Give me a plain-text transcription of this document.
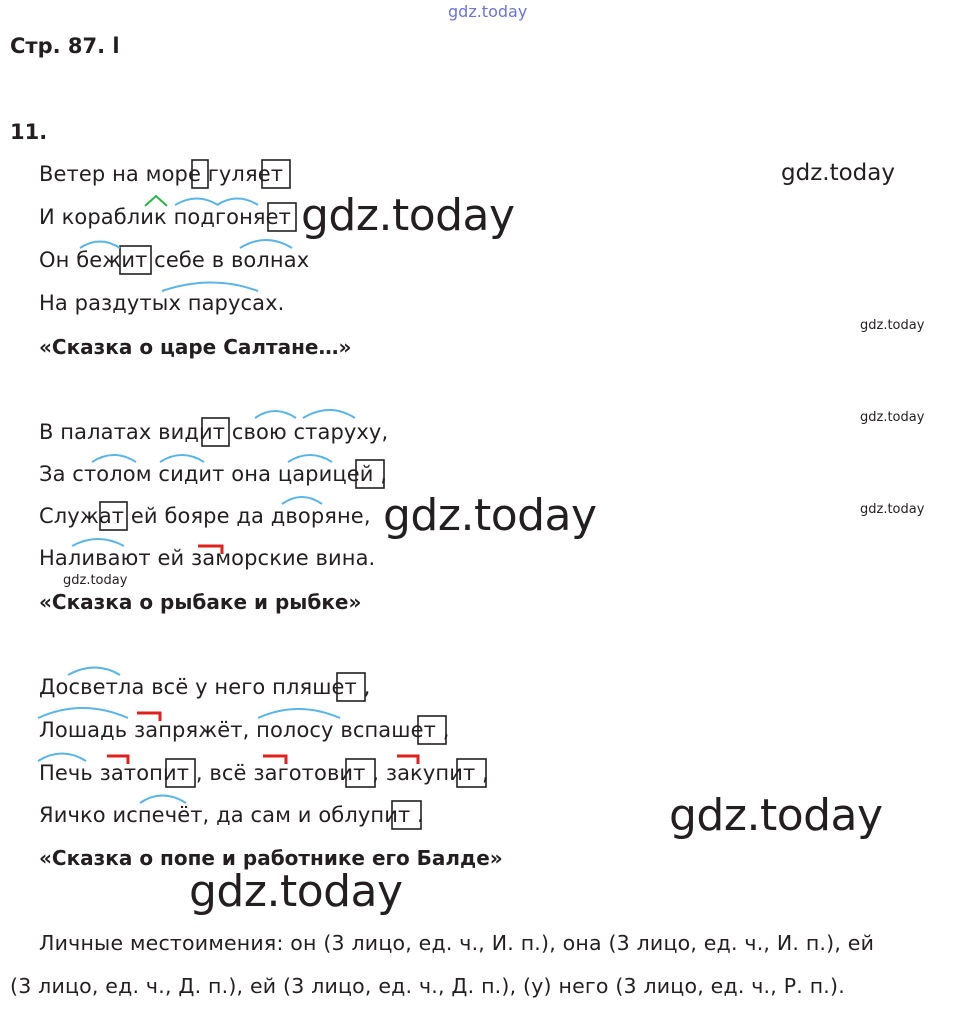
gdz.today
Стр. 87. l
11.
Ветер на море гуляет
И кораблик подгоняет
Он бежит себе в волнах
На раздутых парусах.
«Сказка о царе Салтане…»
В палатах видит свою старуху,
За столом сидит она царицей ,
Служат ей бояре да дворяне,
Наливают ей заморские вина.
«Сказка о рыбаке и рыбке»
Досветла всё у него пляшет ,
Лошадь запряжёт, полосу вспашет ,
Печь затопит , всё заготовит , закупит ,
Яичко испечёт, да сам и облупит .
«Сказка о попе и работнике его Балде»
Личные местоимения: он (3 лицо, ед. ч., И. п.), она (3 лицо, ед. ч., И. п.), ей
(3 лицо, ед. ч., Д. п.), ей (3 лицо, ед. ч., Д. п.), (у) него (3 лицо, ед. ч., Р. п.).
gdz.today
gdz.today
gdz.today
gdz.today
gdz.today	gdz.today
gdz.today
gdz.today
gdz.today
